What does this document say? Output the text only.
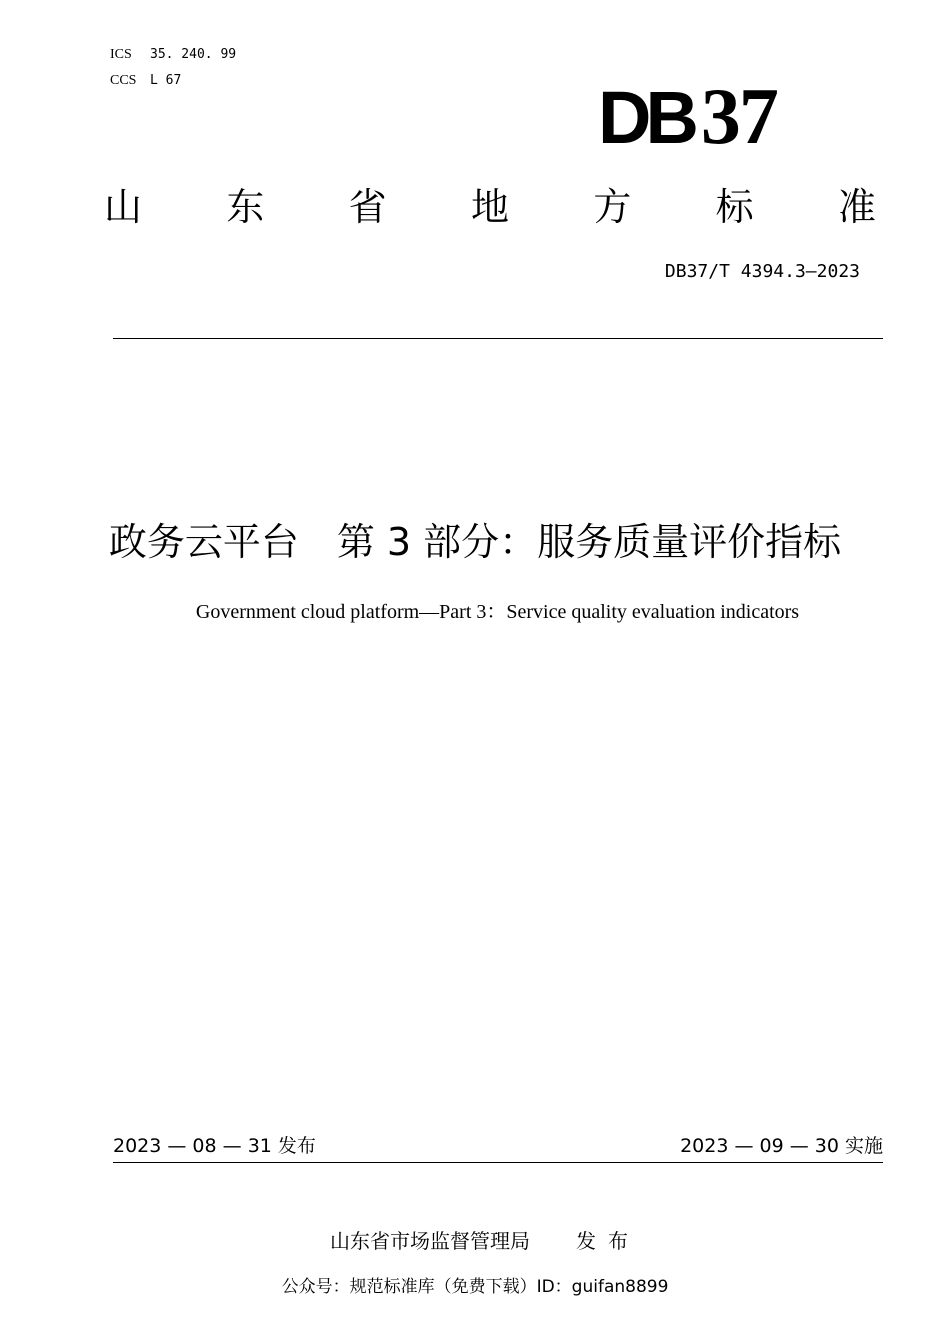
ICS 35. 240. 99
CCS L 67	DB 37
山 东 省 地 方 标 准
DB37/T 4394.3—2023
政务云平台　第 3 部分：服务质量评价指标
Government cloud platform—Part 3：Service quality evaluation indicators
2023 — 08 — 31 发布	2023 — 09 — 30 实施
山东省市场监督管理局 发布
公众号：规范标准库（免费下载）ID：guifan8899
